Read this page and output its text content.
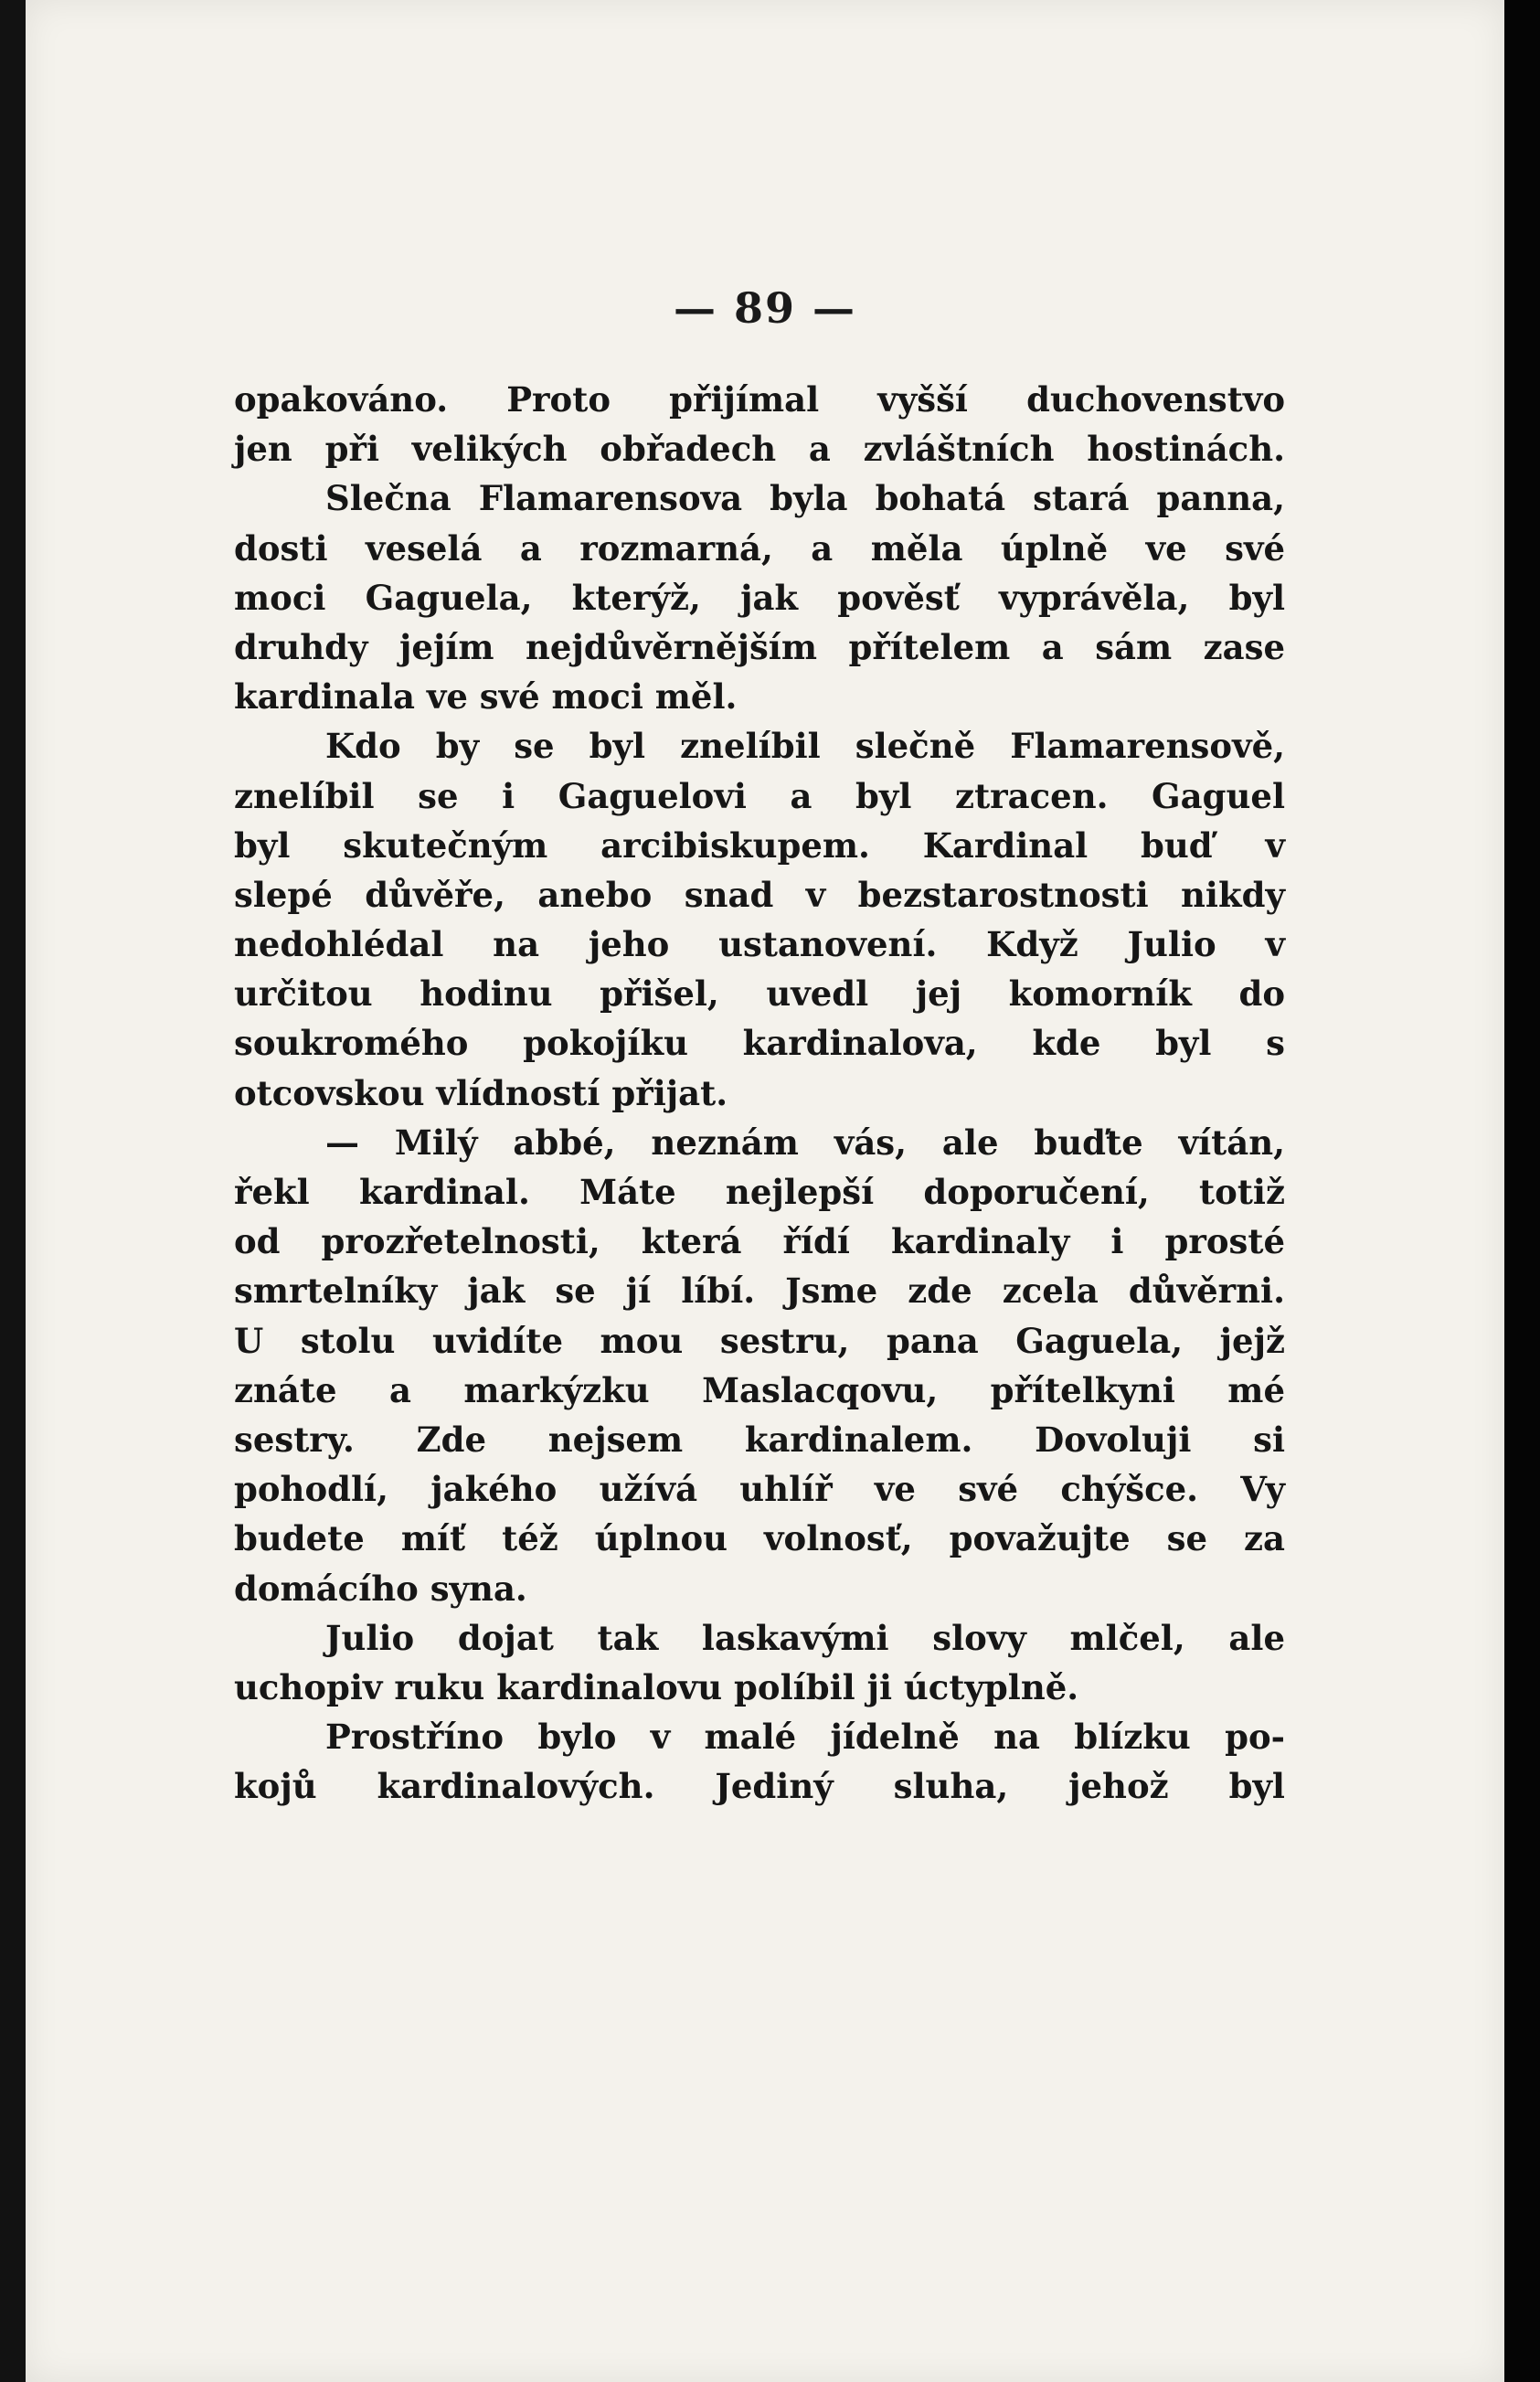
— 89 —
opakováno. Proto přijímal vyšší duchovenstvo
jen při velikých obřadech a zvláštních hostinách.
Slečna Flamarensova byla bohatá stará panna,
dosti veselá a rozmarná, a měla úplně ve své
moci Gaguela, kterýž, jak pověsť vyprávěla, byl
druhdy jejím nejdůvěrnějším přítelem a sám zase
kardinala ve své moci měl.
Kdo by se byl znelíbil slečně Flamarensově,
znelíbil se i Gaguelovi a byl ztracen. Gaguel
byl skutečným arcibiskupem. Kardinal buď v
slepé důvěře, anebo snad v bezstarostnosti nikdy
nedohlédal na jeho ustanovení. Když Julio v
určitou hodinu přišel, uvedl jej komorník do
soukromého pokojíku kardinalova, kde byl s
otcovskou vlídností přijat.
— Milý abbé, neznám vás, ale buďte vítán,
řekl kardinal. Máte nejlepší doporučení, totiž
od prozřetelnosti, která řídí kardinaly i prosté
smrtelníky jak se jí líbí. Jsme zde zcela důvěrni.
U stolu uvidíte mou sestru, pana Gaguela, jejž
znáte a markýzku Maslacqovu, přítelkyni mé
sestry. Zde nejsem kardinalem. Dovoluji si
pohodlí, jakého užívá uhlíř ve své chýšce. Vy
budete míť též úplnou volnosť, považujte se za
domácího syna.
Julio dojat tak laskavými slovy mlčel, ale
uchopiv ruku kardinalovu políbil ji úctyplně.
Prostříno bylo v malé jídelně na blízku po-
kojů kardinalových. Jediný sluha, jehož byl
